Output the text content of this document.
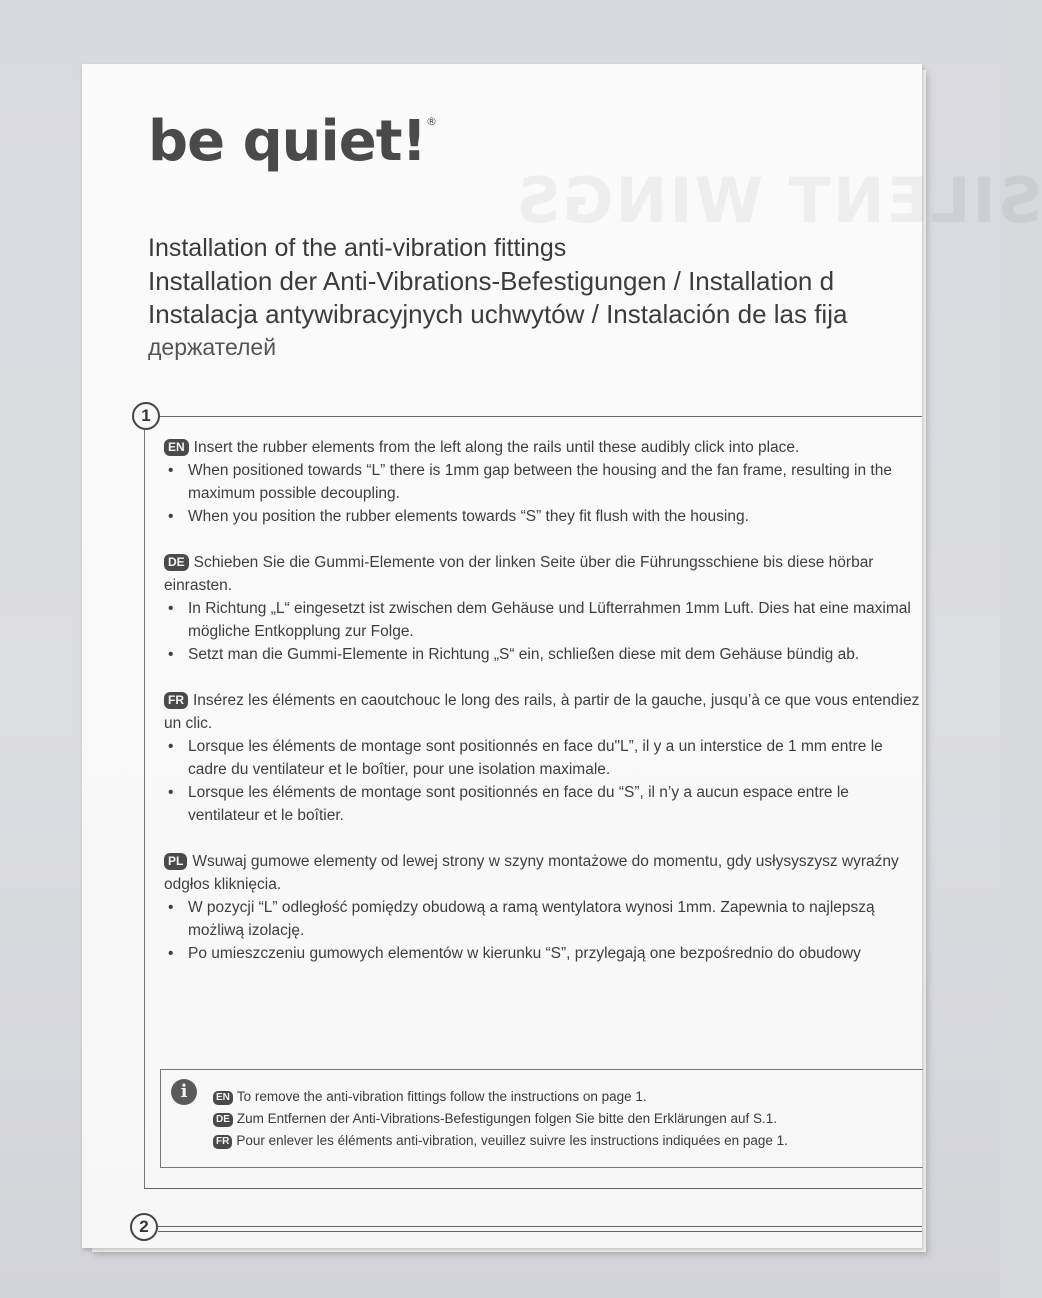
SILENT WINGS
be quiet!®
Installation of the anti-vibration fittings
Installation der Anti-Vibrations-Befestigungen / Installation d
Instalacja antywibracyjnych uchwytów / Instalación de las fija
держателей
1
2

EN Insert the rubber elements from the left along the rails until these audibly click into place.

• When positioned towards “L” there is 1mm gap between the housing and the fan frame, resulting in the maximum possible decoupling.
• When you position the rubber elements towards “S” they fit flush with the housing.

DE Schieben Sie die Gummi-Elemente von der linken Seite über die Führungsschiene bis diese hörbar einrasten.

• In Richtung „L“ eingesetzt ist zwischen dem Gehäuse und Lüfterrahmen 1mm Luft. Dies hat eine maximal mögliche Entkopplung zur Folge.
• Setzt man die Gummi-Elemente in Richtung „S“ ein, schließen diese mit dem Gehäuse bündig ab.

FR Insérez les éléments en caoutchouc le long des rails, à partir de la gauche, jusqu’à ce que vous entendiez un clic.

• Lorsque les éléments de montage sont positionnés en face du"L”, il y a un interstice de 1 mm entre le cadre du ventilateur et le boîtier, pour une isolation maximale.
• Lorsque les éléments de montage sont positionnés en face du “S”, il n’y a aucun espace entre le ventilateur et le boîtier.

PL Wsuwaj gumowe elementy od lewej strony w szyny montażowe do momentu, gdy usłysyszysz wyraźny odgłos kliknięcia.

• W pozycji “L” odległość pomiędzy obudową a ramą wentylatora wynosi 1mm. Zapewnia to najlepszą możliwą izolację.
• Po umieszczeniu gumowych elementów w kierunku “S”, przylegają one bezpośrednio do obudowy
i	EN To remove the anti-vibration fittings follow the instructions on page 1.
DE Zum Entfernen der Anti-Vibrations-Befestigungen folgen Sie bitte den Erklärungen auf S.1.
FR Pour enlever les éléments anti-vibration, veuillez suivre les instructions indiquées en page 1.
